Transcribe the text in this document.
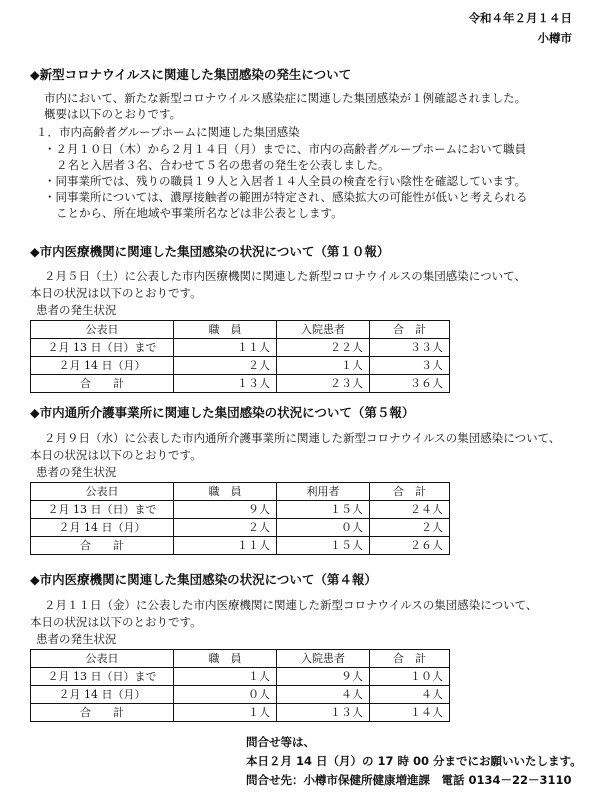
令和４年２月１４日
小樽市
◆新型コロナウイルスに関連した集団感染の発生について
市内において、新たな新型コロナウイルス感染症に関連した集団感染が１例確認されました。
概要は以下のとおりです。
１．市内高齢者グループホームに関連した集団感染
・２月１０日（木）から２月１４日（月）までに、市内の高齢者グループホームにおいて職員
２名と入居者３名、合わせて５名の患者の発生を公表しました。
・同事業所では、残りの職員１９人と入居者１４人全員の検査を行い陰性を確認しています。
・同事業所については、濃厚接触者の範囲が特定され、感染拡大の可能性が低いと考えられる
ことから、所在地域や事業所名などは非公表とします。
◆市内医療機関に関連した集団感染の状況について（第１０報）
２月５日（土）に公表した市内医療機関に関連した新型コロナウイルスの集団感染について、
本日の状況は以下のとおりです。
患者の発生状況
公表日	職　員	入院患者	合　計
２月 13 日（日）まで	１１人	２２人	３３人
２月 14 日（月）	２人	１人	３人
合　　計	１３人	２３人	３６人
◆市内通所介護事業所に関連した集団感染の状況について（第５報）
２月９日（水）に公表した市内通所介護事業所に関連した新型コロナウイルスの集団感染について、
本日の状況は以下のとおりです。
患者の発生状況
公表日	職　員	利用者	合　計
２月 13 日（日）まで	９人	１５人	２４人
２月 14 日（月）	２人	０人	２人
合　　計	１１人	１５人	２６人
◆市内医療機関に関連した集団感染の状況について（第４報）
２月１１日（金）に公表した市内医療機関に関連した新型コロナウイルスの集団感染について、
本日の状況は以下のとおりです。
患者の発生状況
公表日	職　員	入院患者	合　計
２月 13 日（日）まで	１人	９人	１０人
２月 14 日（月）	０人	４人	４人
合　　計	１人	１３人	１４人
問合せ等は、
本日２月 14 日（月）の 17 時 00 分までにお願いいたします。
問合せ先：小樽市保健所健康増進課　電話 0134－22－3110
